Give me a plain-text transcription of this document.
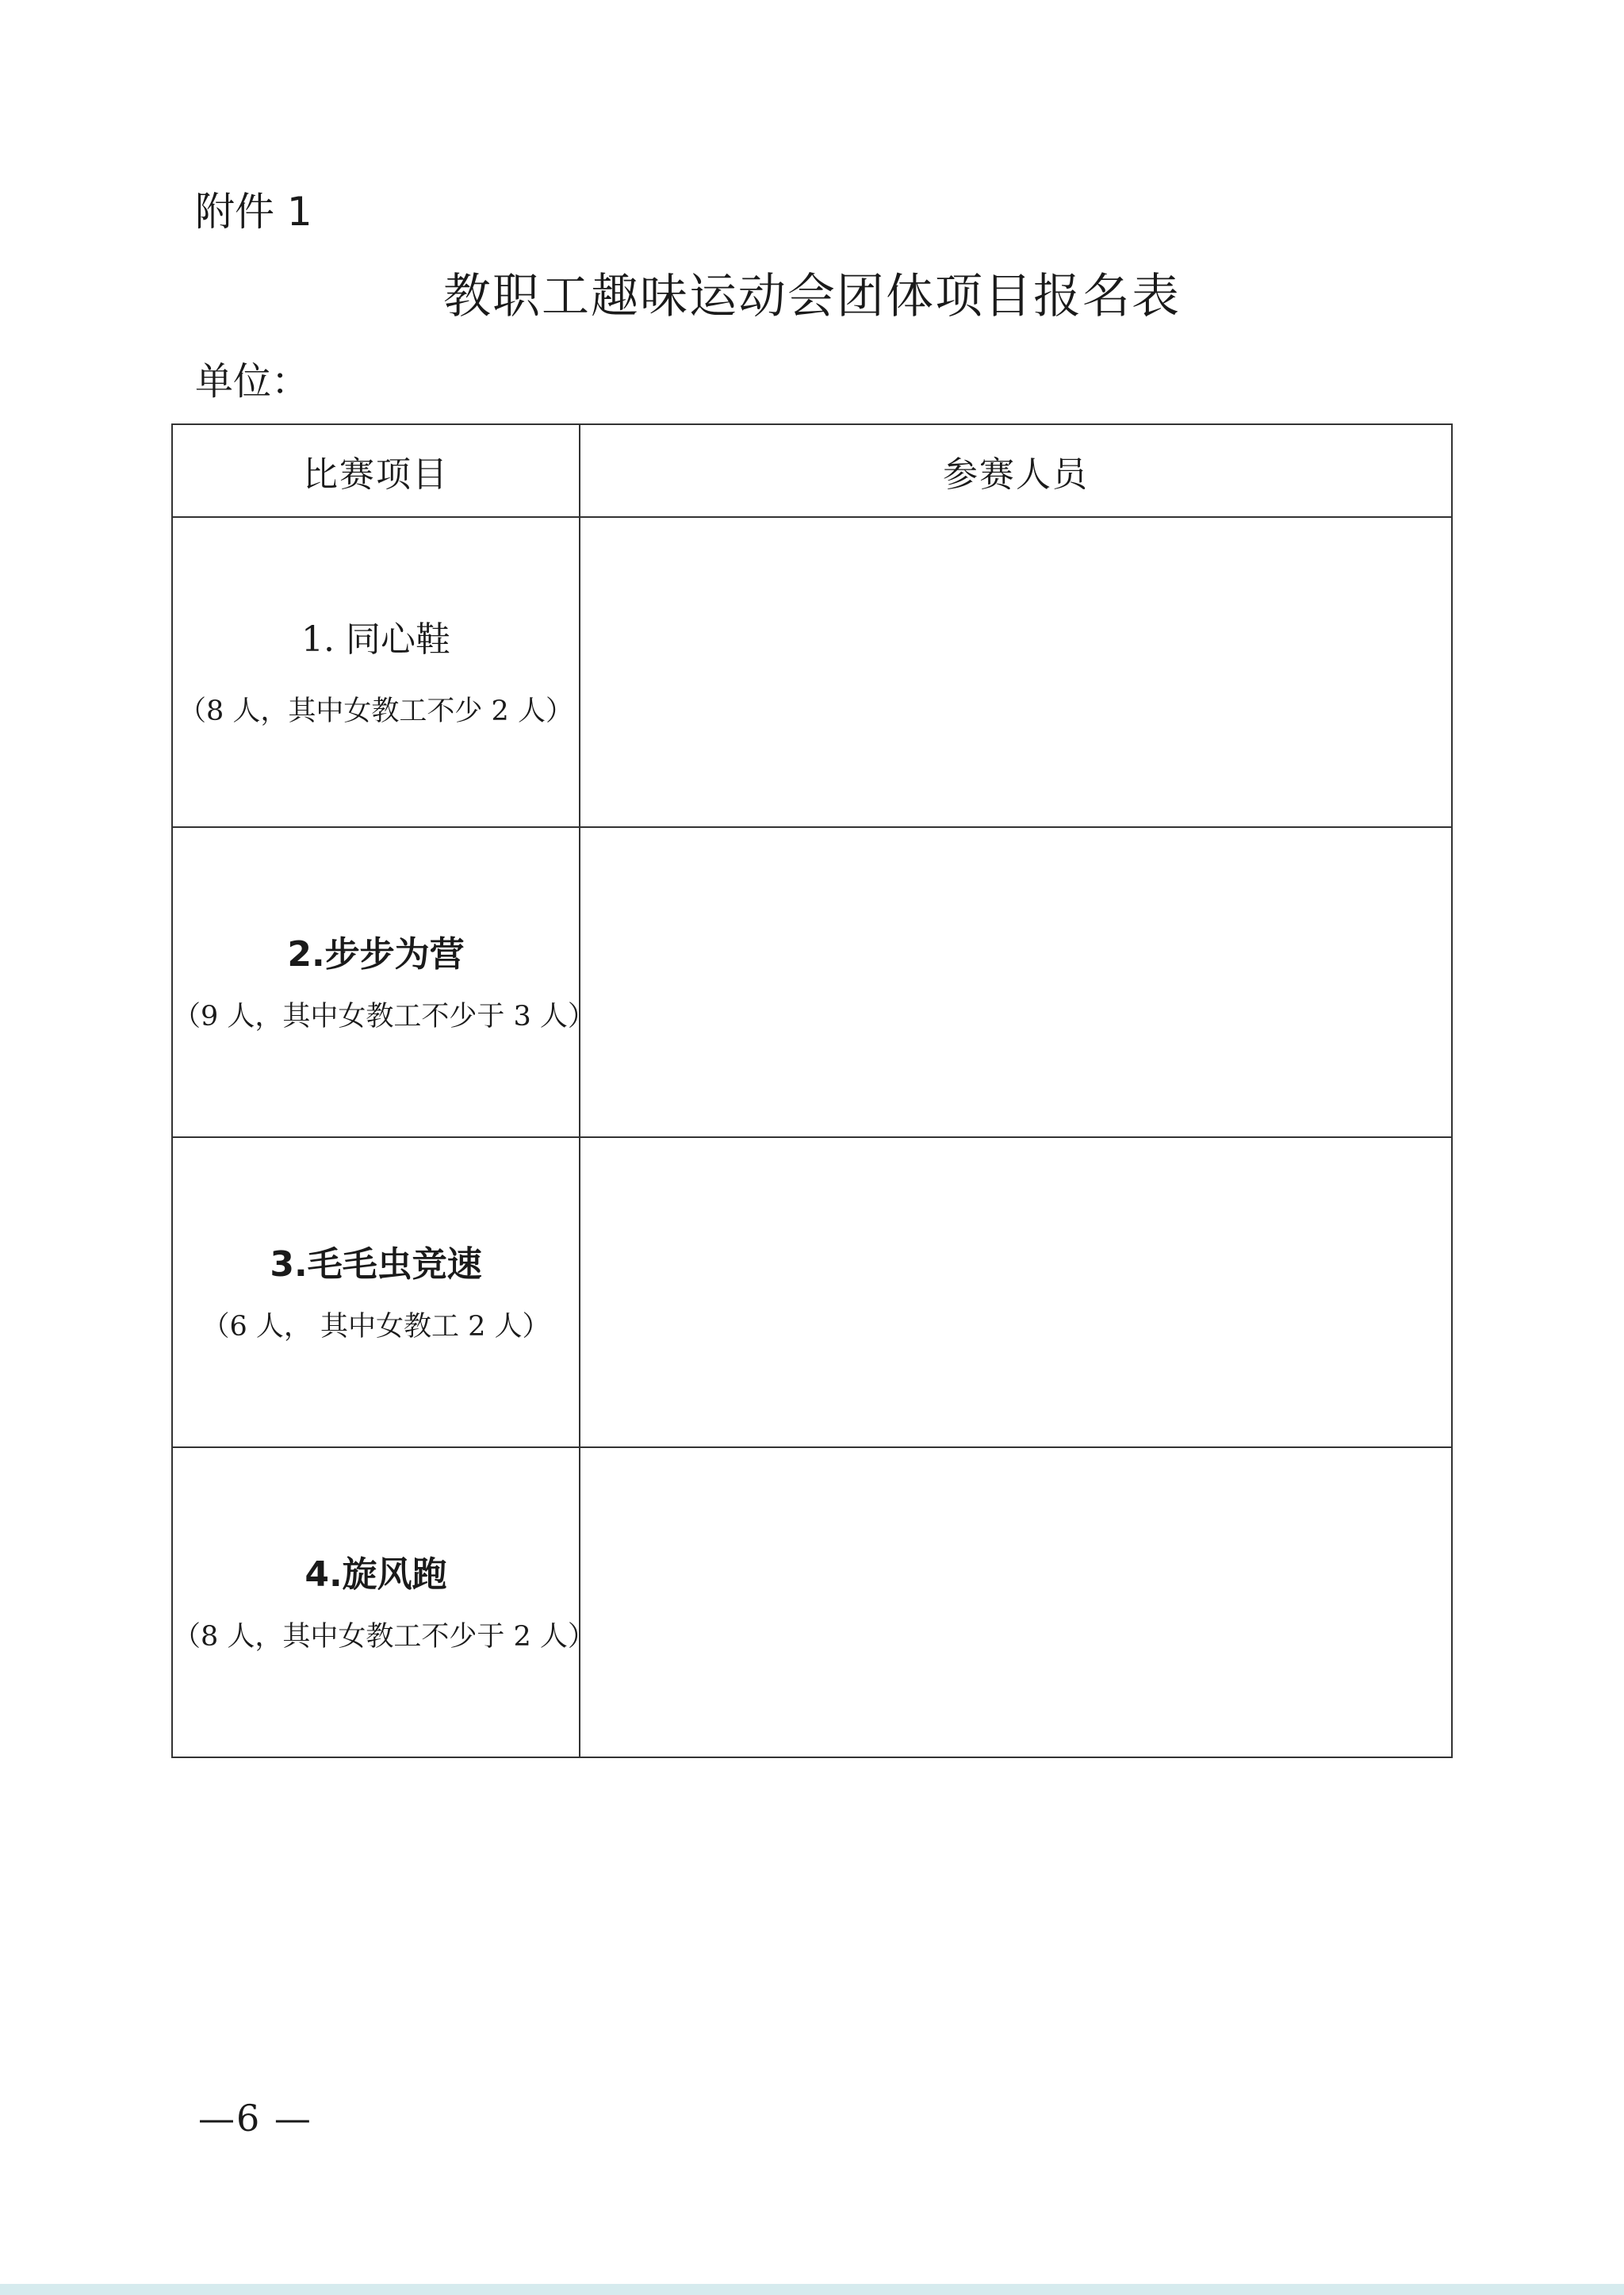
附件 1
教职工趣味运动会团体项目报名表
单位：
比赛项目	参赛人员

1. 同心鞋
（8 人，其中女教工不少 2 人）	

2.步步为营
（9 人，其中女教工不少于 3 人）	

3.毛毛虫竞速
（6 人， 其中女教工 2 人）	

4.旋风跑
（8 人，其中女教工不少于 2 人）	

—6 —
